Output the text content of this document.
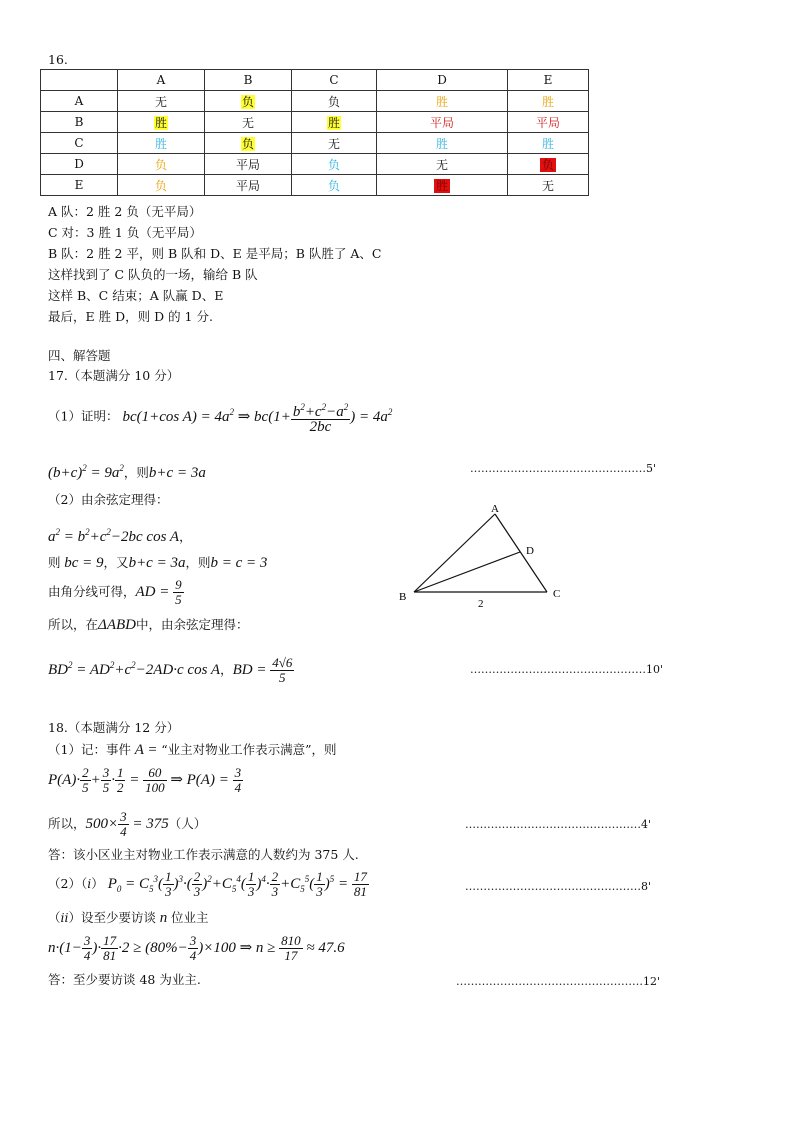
16.
	A	B	C	D	E
A	无	负	负	胜	胜
B	胜	无	胜	平局	平局
C	胜	负	无	胜	胜
D	负	平局	负	无	负
E	负	平局	负	胜	无
A 队：2 胜 2 负（无平局）
C 对：3 胜 1 负（无平局）
B 队：2 胜 2 平，则 B 队和 D、E 是平局；B 队胜了 A、C
这样找到了 C 队负的一场，输给 B 队
这样 B、C 结束；A 队赢 D、E
最后，E 胜 D，则 D 的 1 分.
四、解答题
17.（本题满分 10 分）
（1）证明： bc(1+cos $A) = 4a^2$ ⇒ $bc(1+ \frac{b^2+c^2-a^2}{2bc}$ ) = $4a^2$
$(b+c)^2 = 9a^2$，则b+c = 3a	…………………………………………5'
（2）由余弦定理得：
$a^2 = b^2+c^2-2bc$ cos A，
则 bc = 9，又b+c = 3a，则b = c = 3
由角分线可得，AD = $\frac{9}{5}$
所以，在ΔABD中，由余弦定理得：
$BD^2 = AD^2+c^2-2AD\cdot c$ cos A，BD = $\frac{4√6}{5}$	…………………………………………10'
A
B	C
D
2
18.（本题满分 12 分）
（1）记：事件 A = “业主对物业工作表示满意”，则
$P(A)\cdot \frac{2}{5} + \frac{3}{5} \cdot \frac{1}{2} = \frac{60}{100}$ ⇒ $P(A) = \frac{3}{4}$
所以，$500\times \frac{3}{4} = 375$（人）	…………………………………………4'
答：该小区业主对物业工作表示满意的人数约为 375 人.
（2）（i） $P_0 = C_5^3( \frac{1}{3} )^3\cdot( \frac{2}{3} )^2+C_5^4( \frac{1}{3} )^4\cdot \frac{2}{3} +C_5^5( \frac{1}{3} )^5 = \frac{17}{81}$	…………………………………………8'
（ii）设至少要访谈 n 位业主
$n\cdot(1- \frac{3}{4}$ )· $\frac{17}{81} \cdot 2 \ge (80\%- \frac{3}{4} )\times 100$ ⇒ $n \ge \frac{810}{17} \approx 47.6$
答：至少要访谈 48 为业主.	……………………………………………12'
